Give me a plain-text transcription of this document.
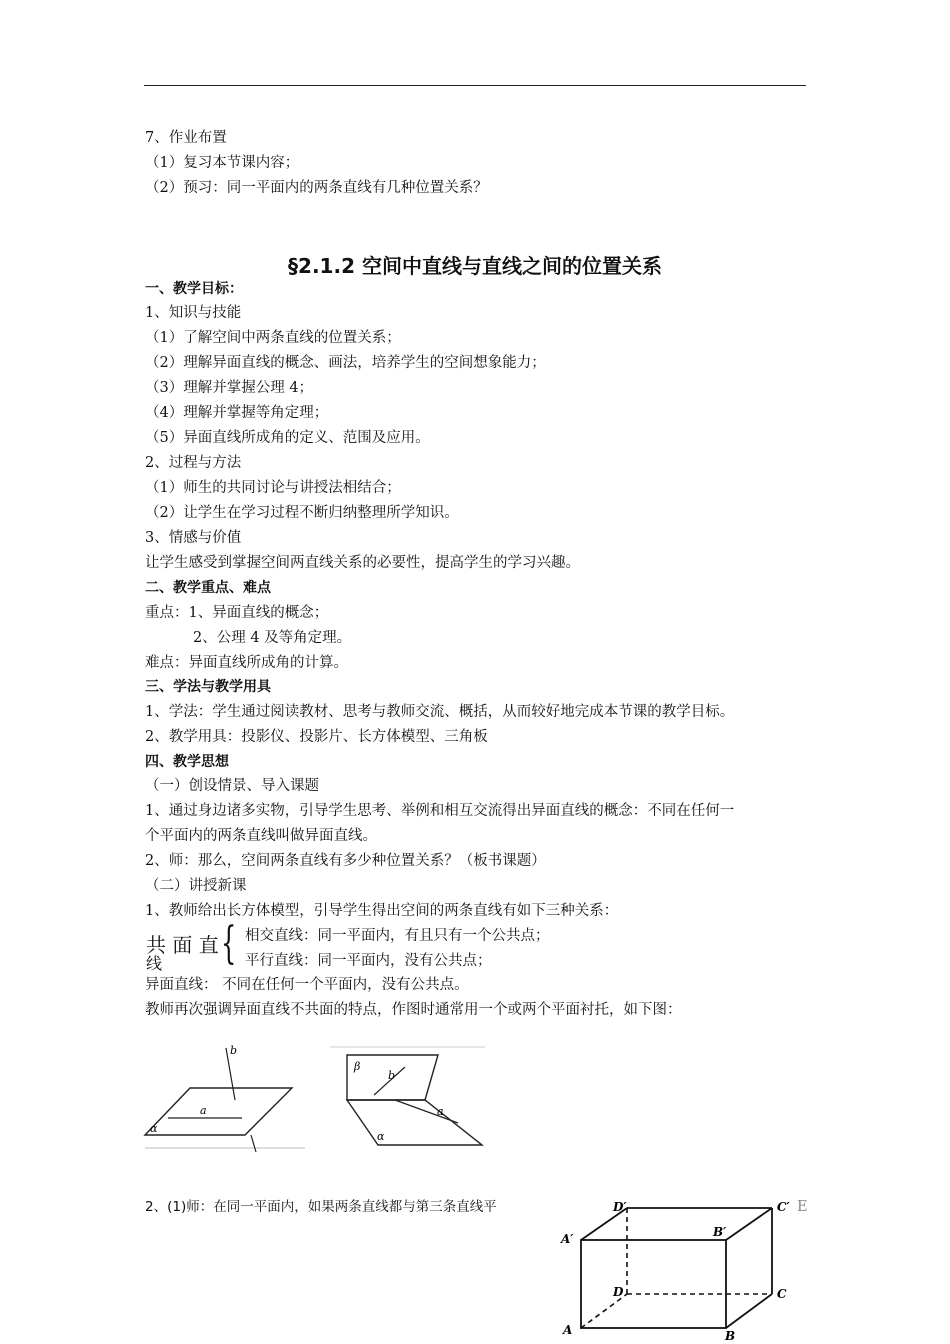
7、作业布置
（1）复习本节课内容；
（2）预习：同一平面内的两条直线有几种位置关系？
§2.1.2 空间中直线与直线之间的位置关系
一、教学目标：
1、知识与技能
（1）了解空间中两条直线的位置关系；
（2）理解异面直线的概念、画法，培养学生的空间想象能力；
（3）理解并掌握公理 4；
（4）理解并掌握等角定理；
（5）异面直线所成角的定义、范围及应用。
2、过程与方法
（1）师生的共同讨论与讲授法相结合；
（2）让学生在学习过程不断归纳整理所学知识。
3、情感与价值
让学生感受到掌握空间两直线关系的必要性，提高学生的学习兴趣。
二、教学重点、难点
重点：1、异面直线的概念；
2、公理 4 及等角定理。
难点：异面直线所成角的计算。
三、学法与教学用具
1、学法：学生通过阅读教材、思考与教师交流、概括，从而较好地完成本节课的教学目标。
2、教学用具：投影仪、投影片、长方体模型、三角板
四、教学思想
（一）创设情景、导入课题
1、通过身边诸多实物，引导学生思考、举例和相互交流得出异面直线的概念：不同在任何一
个平面内的两条直线叫做异面直线。
2、师：那么，空间两条直线有多少种位置关系？（板书课题）
（二）讲授新课
1、教师给出长方体模型，引导学生得出空间的两条直线有如下三种关系：
共 面 直
线 { 相交直线：同一平面内，有且只有一个公共点；
平行直线：同一平面内，没有公共点；
异面直线： 不同在任何一个平面内，没有公共点。
教师再次强调异面直线不共面的特点，作图时通常用一个或两个平面衬托，如下图：
b
a
α
β
b
a
α
2、(1)师：在同一平面内，如果两条直线都与第三条直线平	E
D′	C′
A′	B′
D	C
A	B
